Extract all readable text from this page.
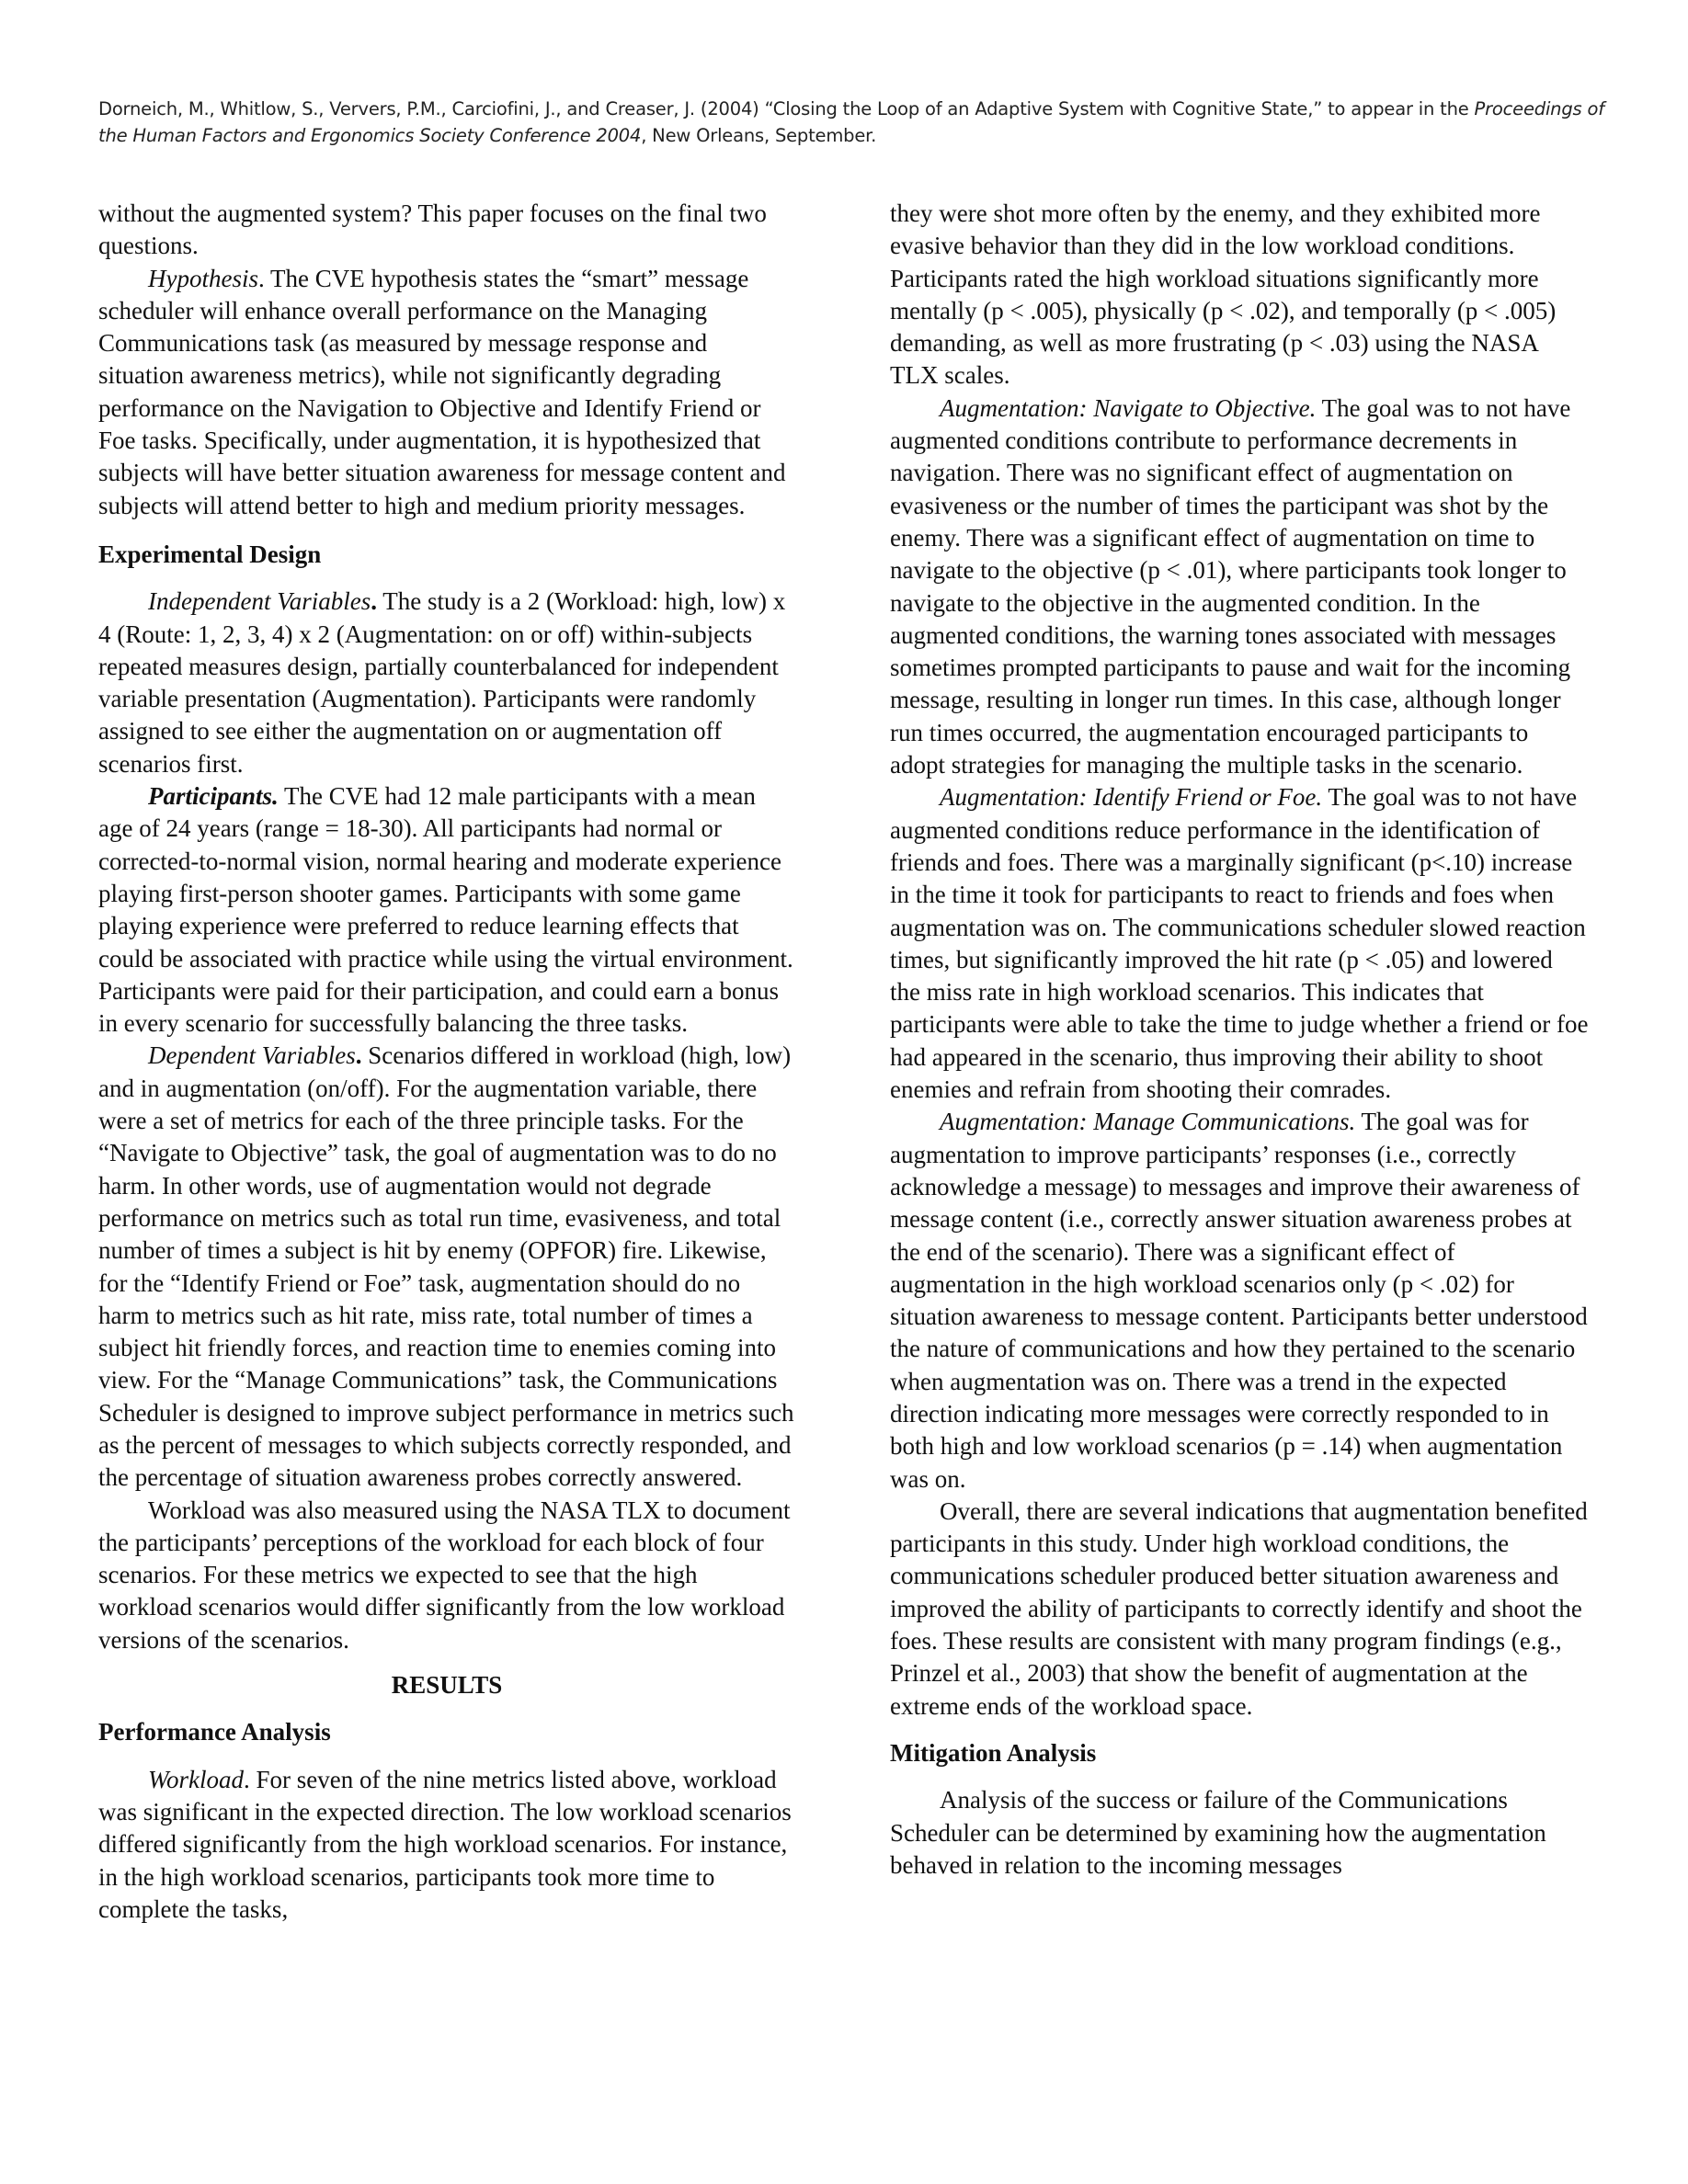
Dorneich, M., Whitlow, S., Ververs, P.M., Carciofini, J., and Creaser, J. (2004) “Closing the Loop of an Adaptive System with Cognitive State,” to appear in the Proceedings of the Human Factors and Ergonomics Society Conference 2004, New Orleans, September.

without the augmented system? This paper focuses on the final two questions.

Hypothesis. The CVE hypothesis states the “smart” message scheduler will enhance overall performance on the Managing Communications task (as measured by message response and situation awareness metrics), while not significantly degrading performance on the Navigation to Objective and Identify Friend or Foe tasks. Specifically, under augmentation, it is hypothesized that subjects will have better situation awareness for message content and subjects will attend better to high and medium priority messages.

Experimental Design

Independent Variables. The study is a 2 (Workload: high, low) x 4 (Route: 1, 2, 3, 4) x 2 (Augmentation: on or off) within-subjects repeated measures design, partially counterbalanced for independent variable presentation (Augmentation). Participants were randomly assigned to see either the augmentation on or augmentation off scenarios first.

Participants. The CVE had 12 male participants with a mean age of 24 years (range = 18-30). All participants had normal or corrected-to-normal vision, normal hearing and moderate experience playing first-person shooter games. Participants with some game playing experience were preferred to reduce learning effects that could be associated with practice while using the virtual environment. Participants were paid for their participation, and could earn a bonus in every scenario for successfully balancing the three tasks.

Dependent Variables. Scenarios differed in workload (high, low) and in augmentation (on/off). For the augmentation variable, there were a set of metrics for each of the three principle tasks. For the “Navigate to Objective” task, the goal of augmentation was to do no harm. In other words, use of augmentation would not degrade performance on metrics such as total run time, evasiveness, and total number of times a subject is hit by enemy (OPFOR) fire. Likewise, for the “Identify Friend or Foe” task, augmentation should do no harm to metrics such as hit rate, miss rate, total number of times a subject hit friendly forces, and reaction time to enemies coming into view. For the “Manage Communications” task, the Communications Scheduler is designed to improve subject performance in metrics such as the percent of messages to which subjects correctly responded, and the percentage of situation awareness probes correctly answered.

Workload was also measured using the NASA TLX to document the participants’ perceptions of the workload for each block of four scenarios. For these metrics we expected to see that the high workload scenarios would differ significantly from the low workload versions of the scenarios.

RESULTS

Performance Analysis

Workload. For seven of the nine metrics listed above, workload was significant in the expected direction. The low workload scenarios differed significantly from the high workload scenarios. For instance, in the high workload scenarios, participants took more time to complete the tasks,

they were shot more often by the enemy, and they exhibited more evasive behavior than they did in the low workload conditions. Participants rated the high workload situations significantly more mentally (p < .005), physically (p < .02), and temporally (p < .005) demanding, as well as more frustrating (p < .03) using the NASA TLX scales.

Augmentation: Navigate to Objective. The goal was to not have augmented conditions contribute to performance decrements in navigation. There was no significant effect of augmentation on evasiveness or the number of times the participant was shot by the enemy. There was a significant effect of augmentation on time to navigate to the objective (p < .01), where participants took longer to navigate to the objective in the augmented condition. In the augmented conditions, the warning tones associated with messages sometimes prompted participants to pause and wait for the incoming message, resulting in longer run times. In this case, although longer run times occurred, the augmentation encouraged participants to adopt strategies for managing the multiple tasks in the scenario.

Augmentation: Identify Friend or Foe. The goal was to not have augmented conditions reduce performance in the identification of friends and foes. There was a marginally significant (p<.10) increase in the time it took for participants to react to friends and foes when augmentation was on. The communications scheduler slowed reaction times, but significantly improved the hit rate (p < .05) and lowered the miss rate in high workload scenarios. This indicates that participants were able to take the time to judge whether a friend or foe had appeared in the scenario, thus improving their ability to shoot enemies and refrain from shooting their comrades.

Augmentation: Manage Communications. The goal was for augmentation to improve participants’ responses (i.e., correctly acknowledge a message) to messages and improve their awareness of message content (i.e., correctly answer situation awareness probes at the end of the scenario). There was a significant effect of augmentation in the high workload scenarios only (p < .02) for situation awareness to message content. Participants better understood the nature of communications and how they pertained to the scenario when augmentation was on. There was a trend in the expected direction indicating more messages were correctly responded to in both high and low workload scenarios (p = .14) when augmentation was on.

Overall, there are several indications that augmentation benefited participants in this study. Under high workload conditions, the communications scheduler produced better situation awareness and improved the ability of participants to correctly identify and shoot the foes. These results are consistent with many program findings (e.g., Prinzel et al., 2003) that show the benefit of augmentation at the extreme ends of the workload space.

Mitigation Analysis

Analysis of the success or failure of the Communications Scheduler can be determined by examining how the augmentation behaved in relation to the incoming messages
